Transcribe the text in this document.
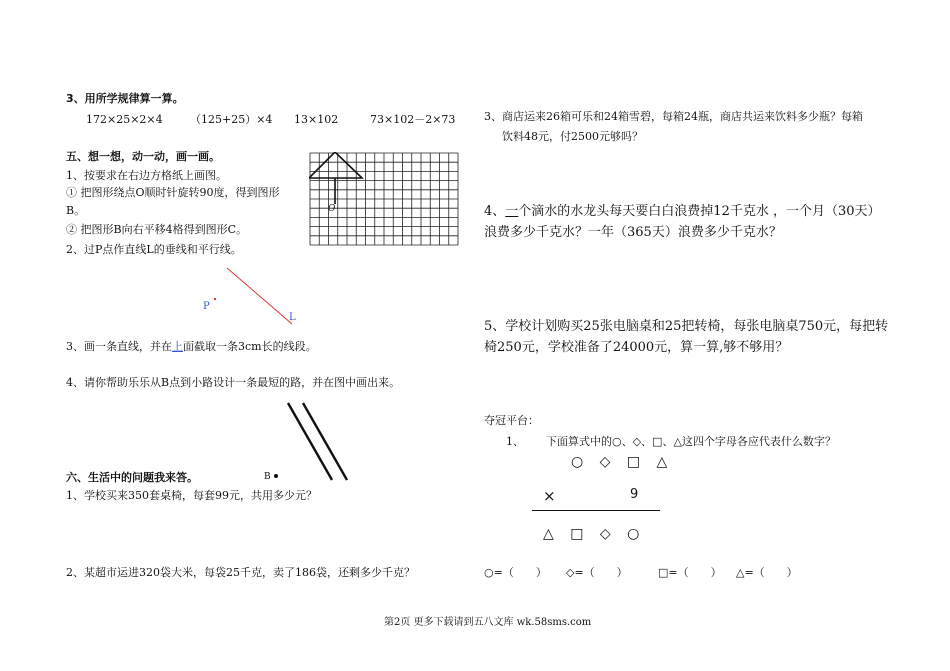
3、用所学规律算一算。
172×25×2×4 （125+25）×4 13×102	73×102－2×73
五、想一想，动一动，画一画。
1、按要求在右边方格纸上画图。
① 把图形绕点O顺时针旋转90度，得到图形
B。
② 把图形B向右平移4格得到图形C。
2、过P点作直线L的垂线和平行线。
O
P
L
3、画一条直线，并在上面截取一条3cm长的线段。
4、请你帮助乐乐从B点到小路设计一条最短的路，并在图中画出来。
六、生活中的问题我来答。	B
1、学校买来350套桌椅，每套99元，共用多少元？
2、某超市运进320袋大米，每袋25千克，卖了186袋，还剩多少千克？
3、商店运来26箱可乐和24箱雪碧，每箱24瓶，商店共运来饮料多少瓶？每箱
饮料48元，付2500元够吗？
4、一个滴水的水龙头每天要白白浪费掉12千克水 ，一个月（30天）浪费多少千克水？一年（365天）浪费多少千克水？
5、学校计划购买25张电脑桌和25把转椅，每张电脑桌750元，每把转椅250元，学校准备了24000元，算一算,够不够用？
夺冠平台：
1、 下面算式中的○、◇、□、△这四个字母各应代表什么数字？
○ ◇ □ △
×	9
△ □ ◇ ○
○=（　　） ◇=（　　）	□=（　　） △=（　　）
第2页 更多下载请到五八文库 wk.58sms.com
